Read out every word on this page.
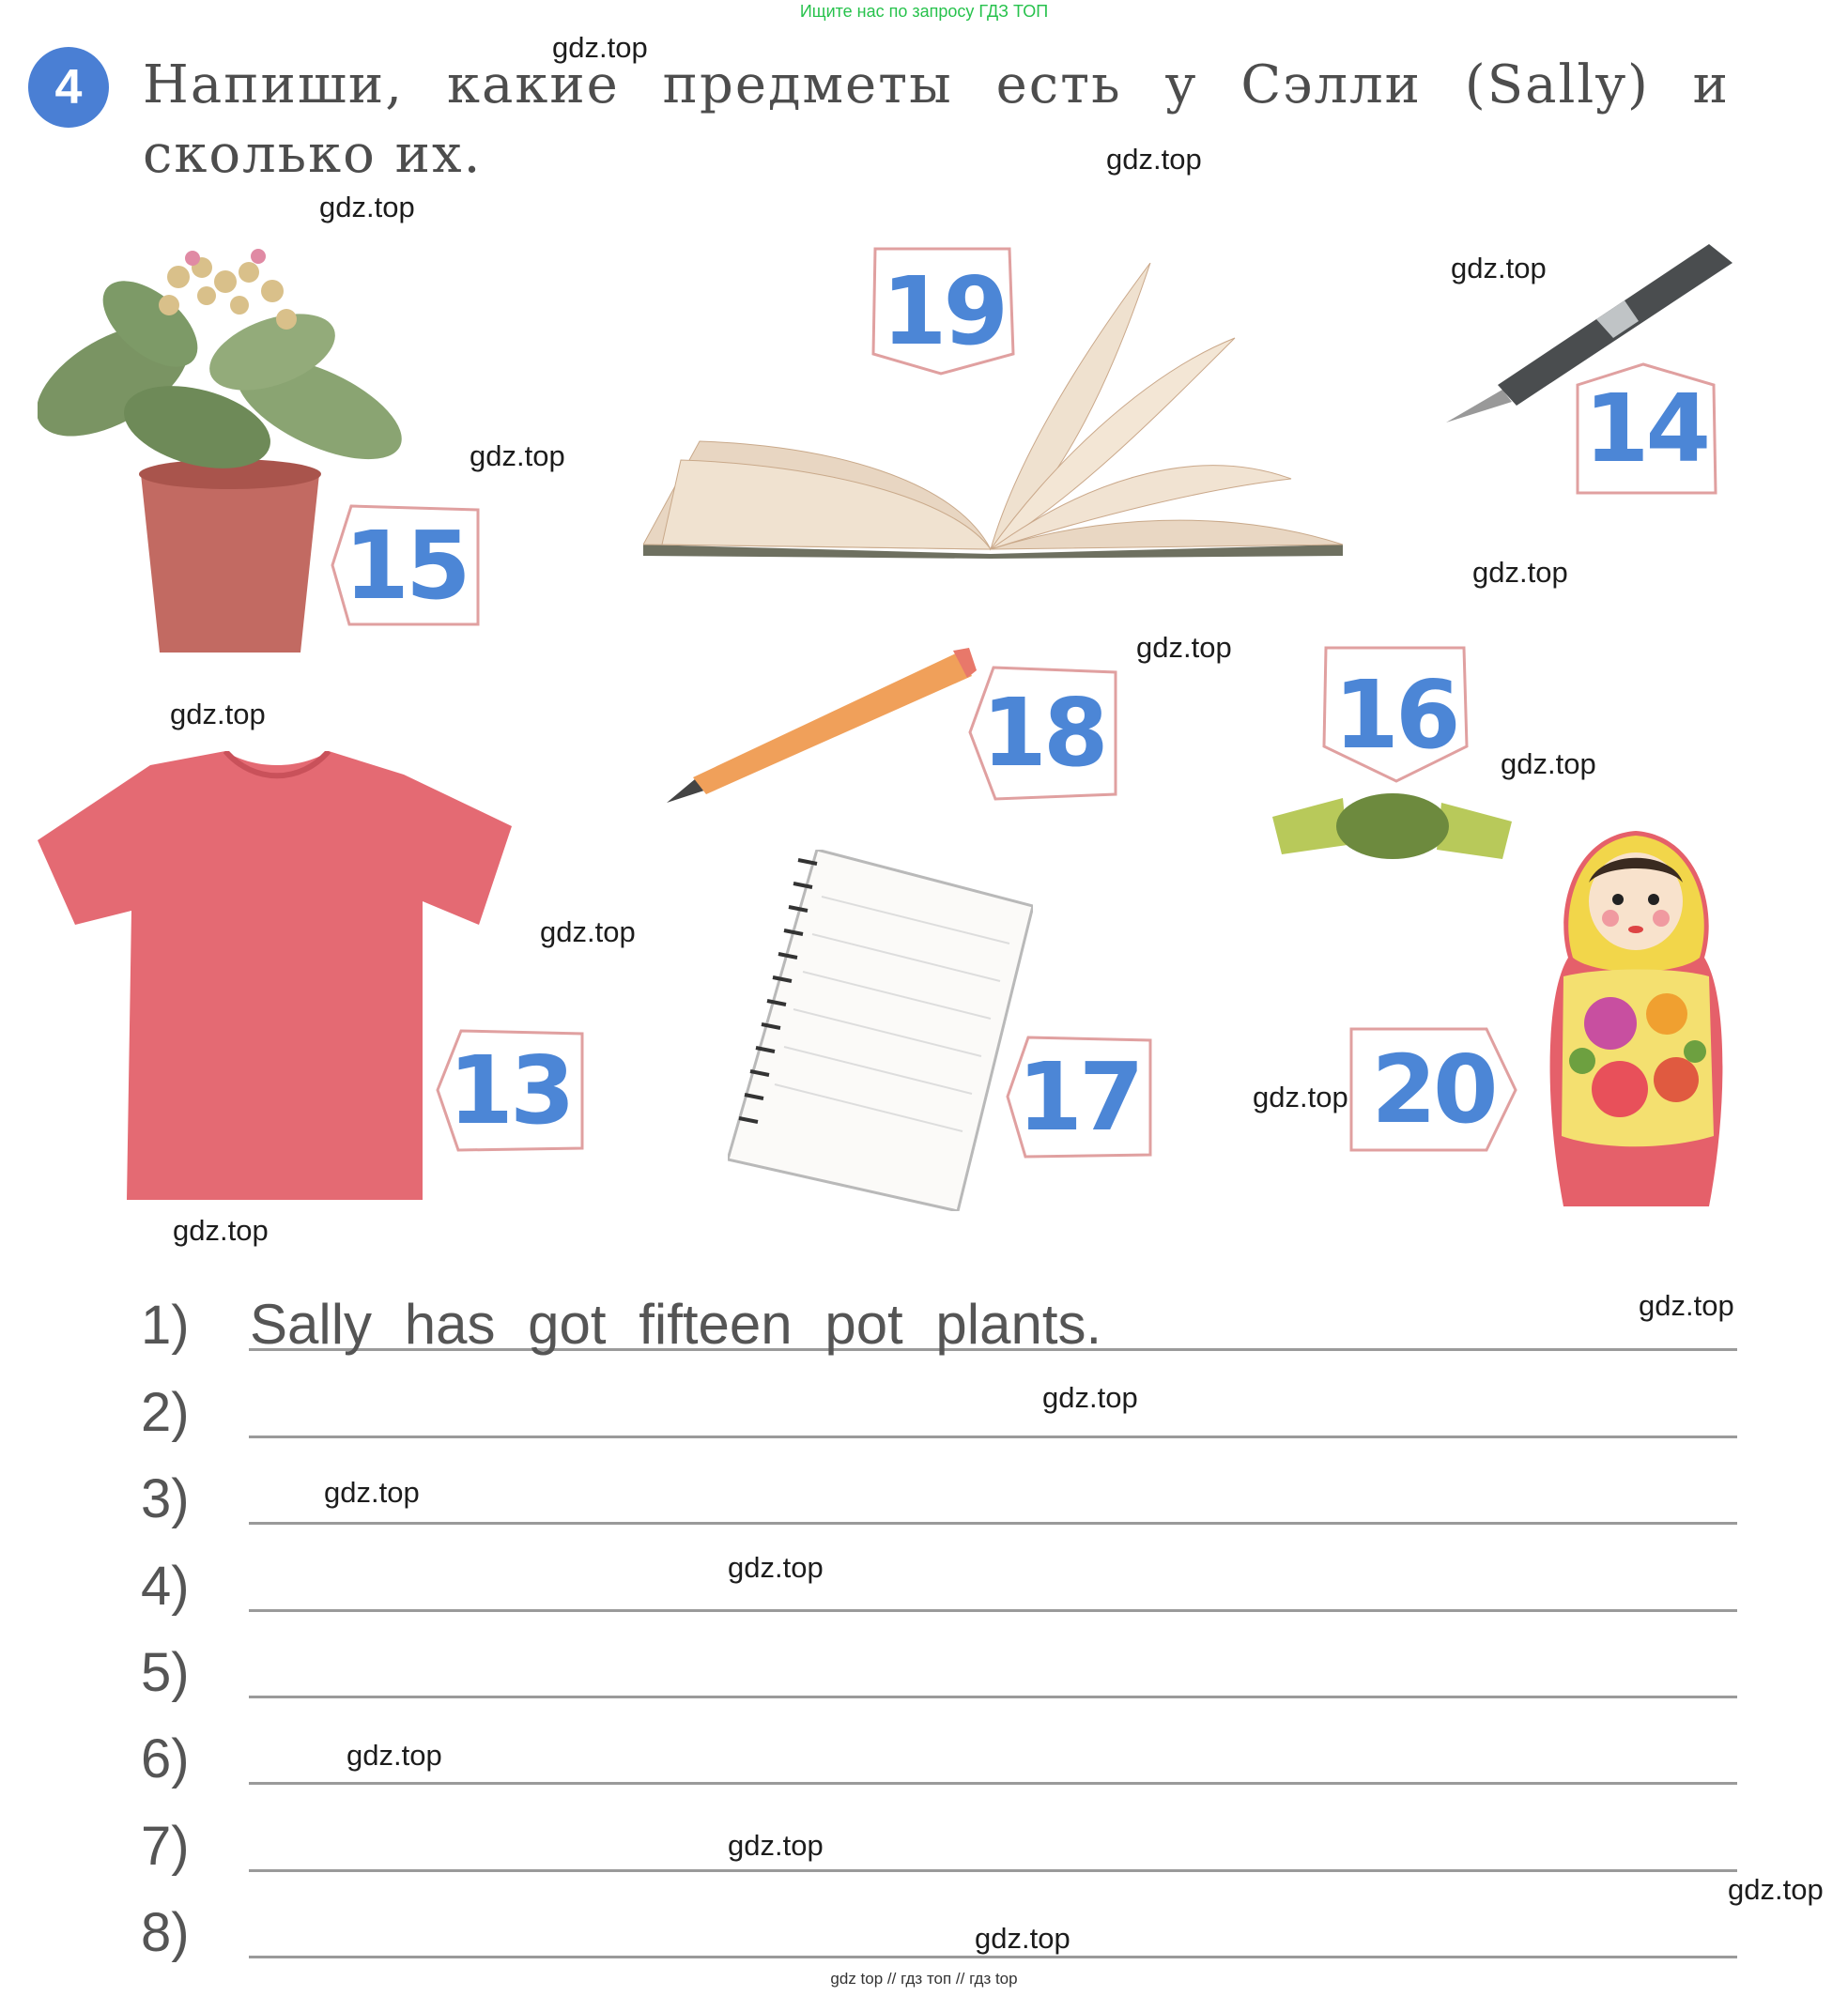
Ищите нас по запросу ГДЗ ТОП
4	Напиши, какие предметы есть у Сэлли (Sally) и сколько их.
15
19
14
18 16
13	17 20
gdz.top
gdz.top
gdz.top
gdz.top
gdz.top
gdz.top
gdz.top
gdz.top
gdz.top
gdz.top
gdz.top
gdz.top
gdz.top
gdz.top
gdz.top
gdz.top
gdz.top
gdz.top
gdz.top
gdz.top
1)	Sally has got fifteen pot plants.
2)
3)
4)
5)
6)
7)
8)
gdz top // гдз топ // гдз top
